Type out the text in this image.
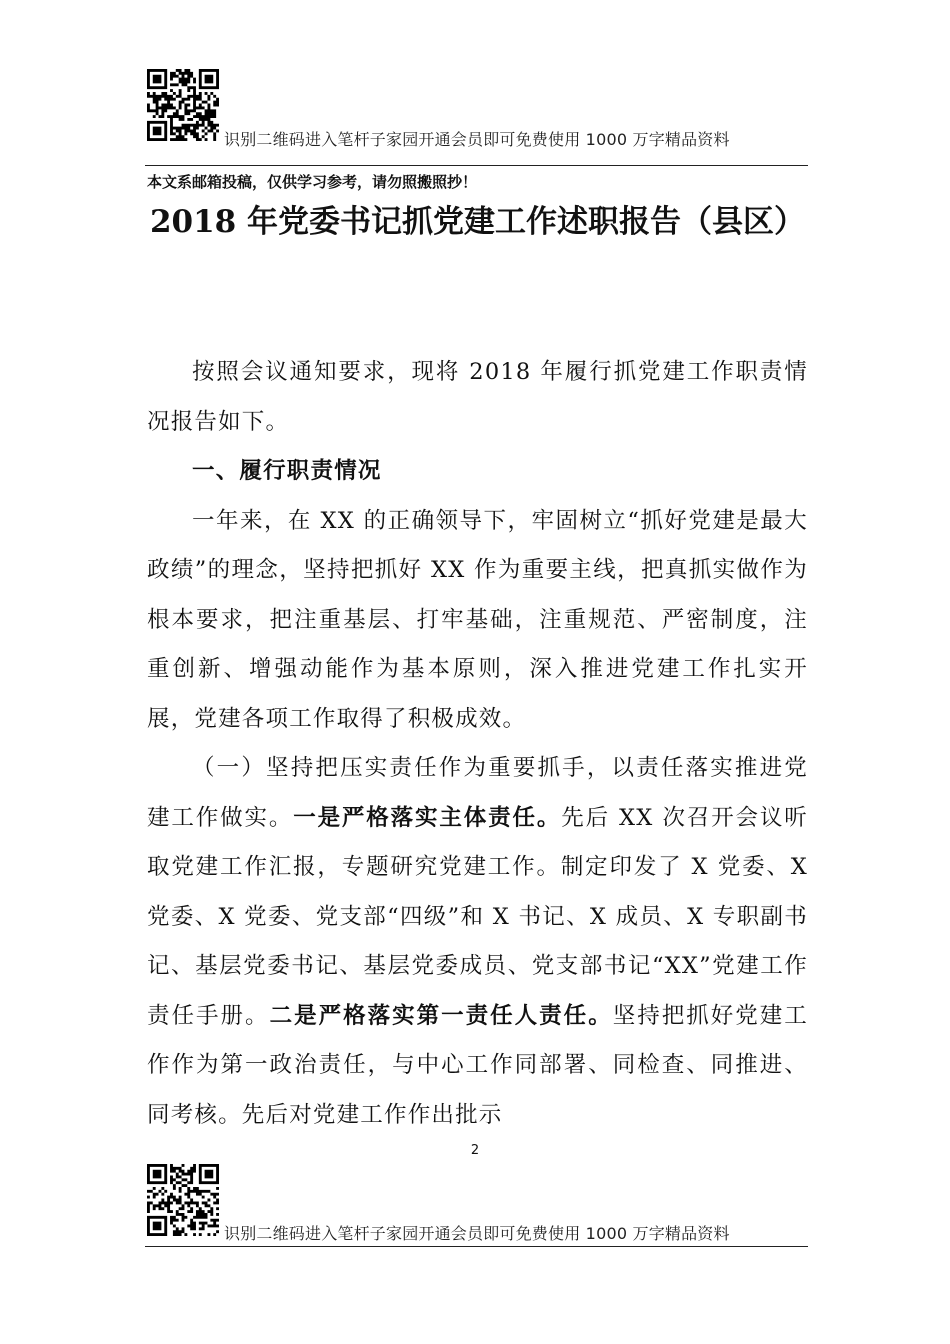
识别二维码进入笔杆子家园开通会员即可免费使用 1000 万字精品资料
本文系邮箱投稿，仅供学习参考，请勿照搬照抄！
2018 年党委书记抓党建工作述职报告（县区）

按照会议通知要求，现将 2018 年履行抓党建工作职责情况报告如下。

一、履行职责情况

一年来，在 XX 的正确领导下，牢固树立“抓好党建是最大政绩”的理念，坚持把抓好 XX 作为重要主线，把真抓实做作为根本要求，把注重基层、打牢基础，注重规范、严密制度，注重创新、增强动能作为基本原则，深入推进党建工作扎实开展，党建各项工作取得了积极成效。

（一）坚持把压实责任作为重要抓手，以责任落实推进党建工作做实。一是严格落实主体责任。先后 XX 次召开会议听取党建工作汇报，专题研究党建工作。制定印发了 X 党委、X 党委、X 党委、党支部“四级”和 X 书记、X 成员、X 专职副书记、基层党委书记、基层党委成员、党支部书记“XX”党建工作责任手册。二是严格落实第一责任人责任。坚持把抓好党建工作作为第一政治责任，与中心工作同部署、同检查、同推进、同考核。先后对党建工作作出批示

2
识别二维码进入笔杆子家园开通会员即可免费使用 1000 万字精品资料
